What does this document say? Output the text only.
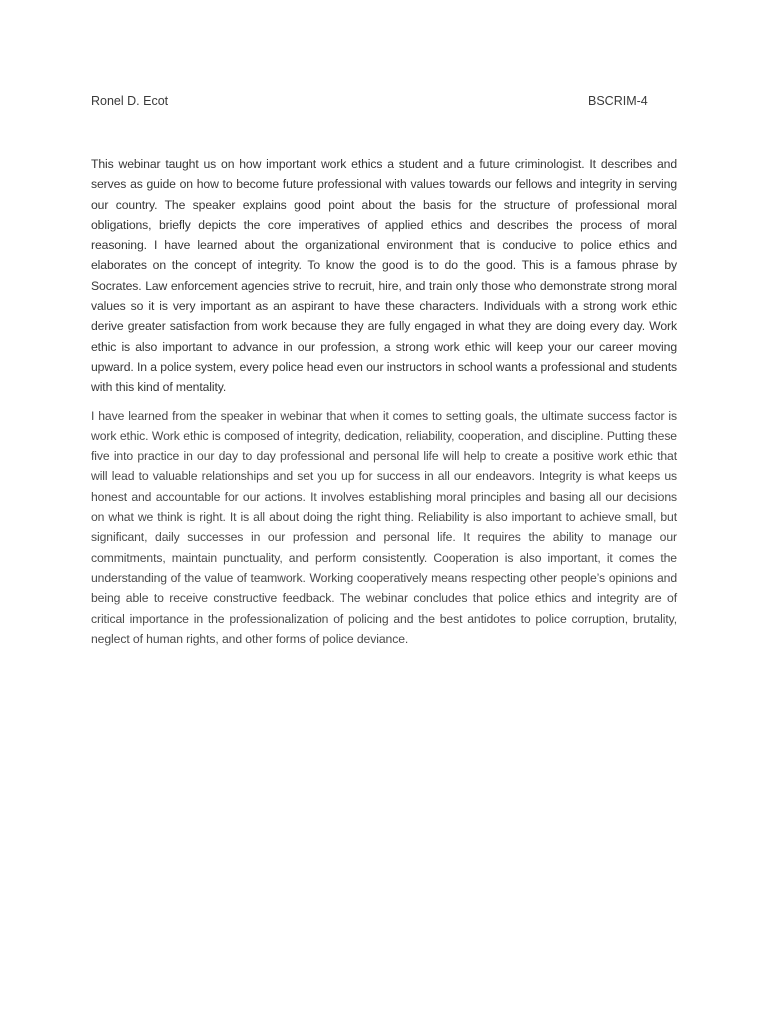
Ronel D. Ecot	BSCRIM-4

This webinar taught us on how important work ethics a student and a future criminologist. It describes and serves as guide on how to become future professional with values towards our fellows and integrity in serving our country. The speaker explains good point about the basis for the structure of professional moral obligations, briefly depicts the core imperatives of applied ethics and describes the process of moral reasoning. I have learned about the organizational environment that is conducive to police ethics and elaborates on the concept of integrity. To know the good is to do the good. This is a famous phrase by Socrates. Law enforcement agencies strive to recruit, hire, and train only those who demonstrate strong moral values so it is very important as an aspirant to have these characters. Individuals with a strong work ethic derive greater satisfaction from work because they are fully engaged in what they are doing every day. Work ethic is also important to advance in our profession, a strong work ethic will keep your our career moving upward. In a police system, every police head even our instructors in school wants a professional and students with this kind of mentality.

I have learned from the speaker in webinar that when it comes to setting goals, the ultimate success factor is work ethic. Work ethic is composed of integrity, dedication, reliability, cooperation, and discipline. Putting these five into practice in our day to day professional and personal life will help to create a positive work ethic that will lead to valuable relationships and set you up for success in all our endeavors. Integrity is what keeps us honest and accountable for our actions. It involves establishing moral principles and basing all our decisions on what we think is right. It is all about doing the right thing. Reliability is also important to achieve small, but significant, daily successes in our profession and personal life. It requires the ability to manage our commitments, maintain punctuality, and perform consistently. Cooperation is also important, it comes the understanding of the value of teamwork. Working cooperatively means respecting other people’s opinions and being able to receive constructive feedback. The webinar concludes that police ethics and integrity are of critical importance in the professionalization of policing and the best antidotes to police corruption, brutality, neglect of human rights, and other forms of police deviance.
